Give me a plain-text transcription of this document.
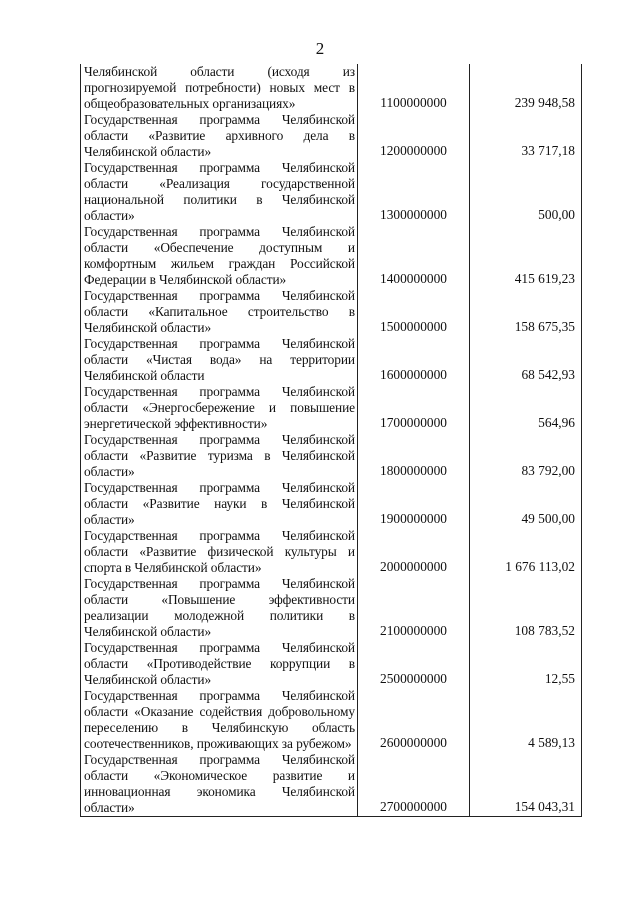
2
Челябинской области (исходя из прогнозируемой потребности) новых мест в общеобразовательных организациях»	1100000000	239 948,58

Государственная программа Челябинской области «Развитие архивного дела в Челябинской области»	1200000000	33 717,18

Государственная программа Челябинской области «Реализация государственной национальной политики в Челябинской области»	1300000000	500,00

Государственная программа Челябинской области «Обеспечение доступным и комфортным жильем граждан Российской Федерации в Челябинской области»	1400000000	415 619,23

Государственная программа Челябинской области «Капитальное строительство в Челябинской области»	1500000000	158 675,35

Государственная программа Челябинской области «Чистая вода» на территории Челябинской области	1600000000	68 542,93

Государственная программа Челябинской области «Энергосбережение и повышение энергетической эффективности»	1700000000	564,96

Государственная программа Челябинской области «Развитие туризма в Челябинской области»	1800000000	83 792,00

Государственная программа Челябинской области «Развитие науки в Челябинской области»	1900000000	49 500,00

Государственная программа Челябинской области «Развитие физической культуры и спорта в Челябинской области»	2000000000	1 676 113,02

Государственная программа Челябинской области «Повышение эффективности реализации молодежной политики в Челябинской области»	2100000000	108 783,52

Государственная программа Челябинской области «Противодействие коррупции в Челябинской области»	2500000000	12,55

Государственная программа Челябинской области «Оказание содействия добровольному переселению в Челябинскую область соотечественников, проживающих за рубежом»	2600000000	4 589,13

Государственная программа Челябинской области «Экономическое развитие и инновационная экономика Челябинской области»	2700000000	154 043,31
